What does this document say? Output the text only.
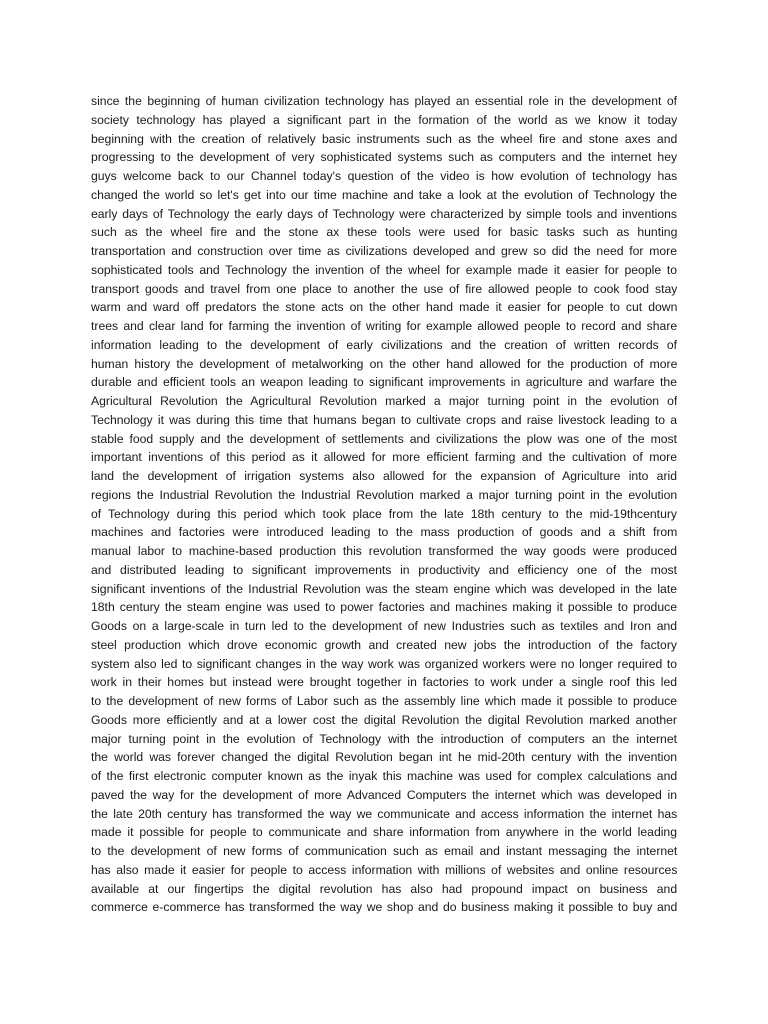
since the beginning of human civilization technology has played an essential role in the development of
society technology has played a significant part in the formation of the world as we know it today
beginning with the creation of relatively basic instruments such as the wheel fire and stone axes and
progressing to the development of very sophisticated systems such as computers and the internet hey
guys welcome back to our Channel today's question of the video is how evolution of technology has
changed the world so let's get into our time machine and take a look at the evolution of Technology the
early days of Technology the early days of Technology were characterized by simple tools and inventions
such as the wheel fire and the stone ax these tools were used for basic tasks such as hunting
transportation and construction over time as civilizations developed and grew so did the need for more
sophisticated tools and Technology the invention of the wheel for example made it easier for people to
transport goods and travel from one place to another the use of fire allowed people to cook food stay
warm and ward off predators the stone acts on the other hand made it easier for people to cut down
trees and clear land for farming the invention of writing for example allowed people to record and share
information leading to the development of early civilizations and the creation of written records of
human history the development of metalworking on the other hand allowed for the production of more
durable and efficient tools an weapon leading to significant improvements in agriculture and warfare the
Agricultural Revolution the Agricultural Revolution marked a major turning point in the evolution of
Technology it was during this time that humans began to cultivate crops and raise livestock leading to a
stable food supply and the development of settlements and civilizations the plow was one of the most
important inventions of this period as it allowed for more efficient farming and the cultivation of more
land the development of irrigation systems also allowed for the expansion of Agriculture into arid
regions the Industrial Revolution the Industrial Revolution marked a major turning point in the evolution
of Technology during this period which took place from the late 18th century to the mid-19thcentury
machines and factories were introduced leading to the mass production of goods and a shift from
manual labor to machine-based production this revolution transformed the way goods were produced
and distributed leading to significant improvements in productivity and efficiency one of the most
significant inventions of the Industrial Revolution was the steam engine which was developed in the late
18th century the steam engine was used to power factories and machines making it possible to produce
Goods on a large-scale in turn led to the development of new Industries such as textiles and Iron and
steel production which drove economic growth and created new jobs the introduction of the factory
system also led to significant changes in the way work was organized workers were no longer required to
work in their homes but instead were brought together in factories to work under a single roof this led
to the development of new forms of Labor such as the assembly line which made it possible to produce
Goods more efficiently and at a lower cost the digital Revolution the digital Revolution marked another
major turning point in the evolution of Technology with the introduction of computers an the internet
the world was forever changed the digital Revolution began int he mid-20th century with the invention
of the first electronic computer known as the inyak this machine was used for complex calculations and
paved the way for the development of more Advanced Computers the internet which was developed in
the late 20th century has transformed the way we communicate and access information the internet has
made it possible for people to communicate and share information from anywhere in the world leading
to the development of new forms of communication such as email and instant messaging the internet
has also made it easier for people to access information with millions of websites and online resources
available at our fingertips the digital revolution has also had propound impact on business and
commerce e-commerce has transformed the way we shop and do business making it possible to buy and
